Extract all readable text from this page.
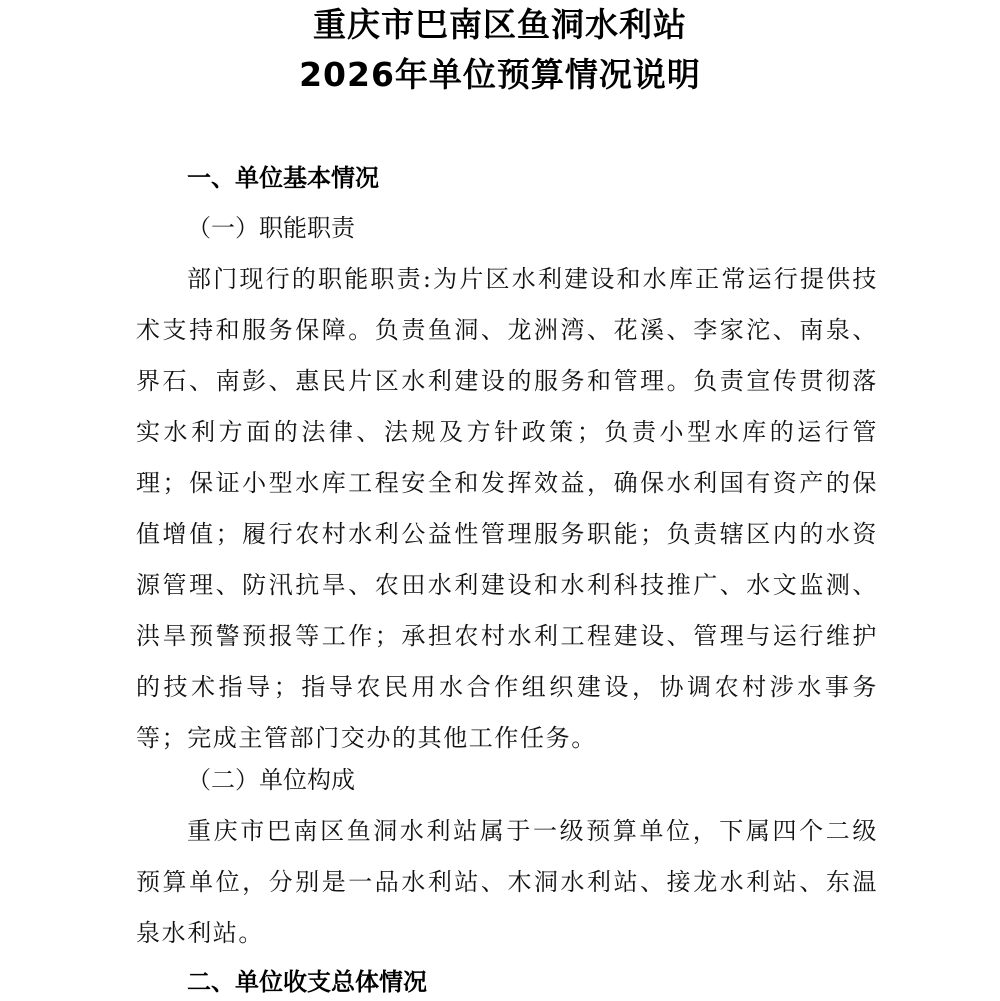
重庆市巴南区鱼洞水利站
2026年单位预算情况说明
一、单位基本情况
（一）职能职责

部门现行的职能职责:为片区水利建设和水库正常运行提供技术支持和服务保障。负责鱼洞、龙洲湾、花溪、李家沱、南泉、界石、南彭、惠民片区水利建设的服务和管理。负责宣传贯彻落实水利方面的法律、法规及方针政策；负责小型水库的运行管理；保证小型水库工程安全和发挥效益，确保水利国有资产的保值增值；履行农村水利公益性管理服务职能；负责辖区内的水资源管理、防汛抗旱、农田水利建设和水利科技推广、水文监测、洪旱预警预报等工作；承担农村水利工程建设、管理与运行维护的技术指导；指导农民用水合作组织建设，协调农村涉水事务等；完成主管部门交办的其他工作任务。

（二）单位构成

重庆市巴南区鱼洞水利站属于一级预算单位，下属四个二级预算单位，分别是一品水利站、木洞水利站、接龙水利站、东温泉水利站。

二、单位收支总体情况
